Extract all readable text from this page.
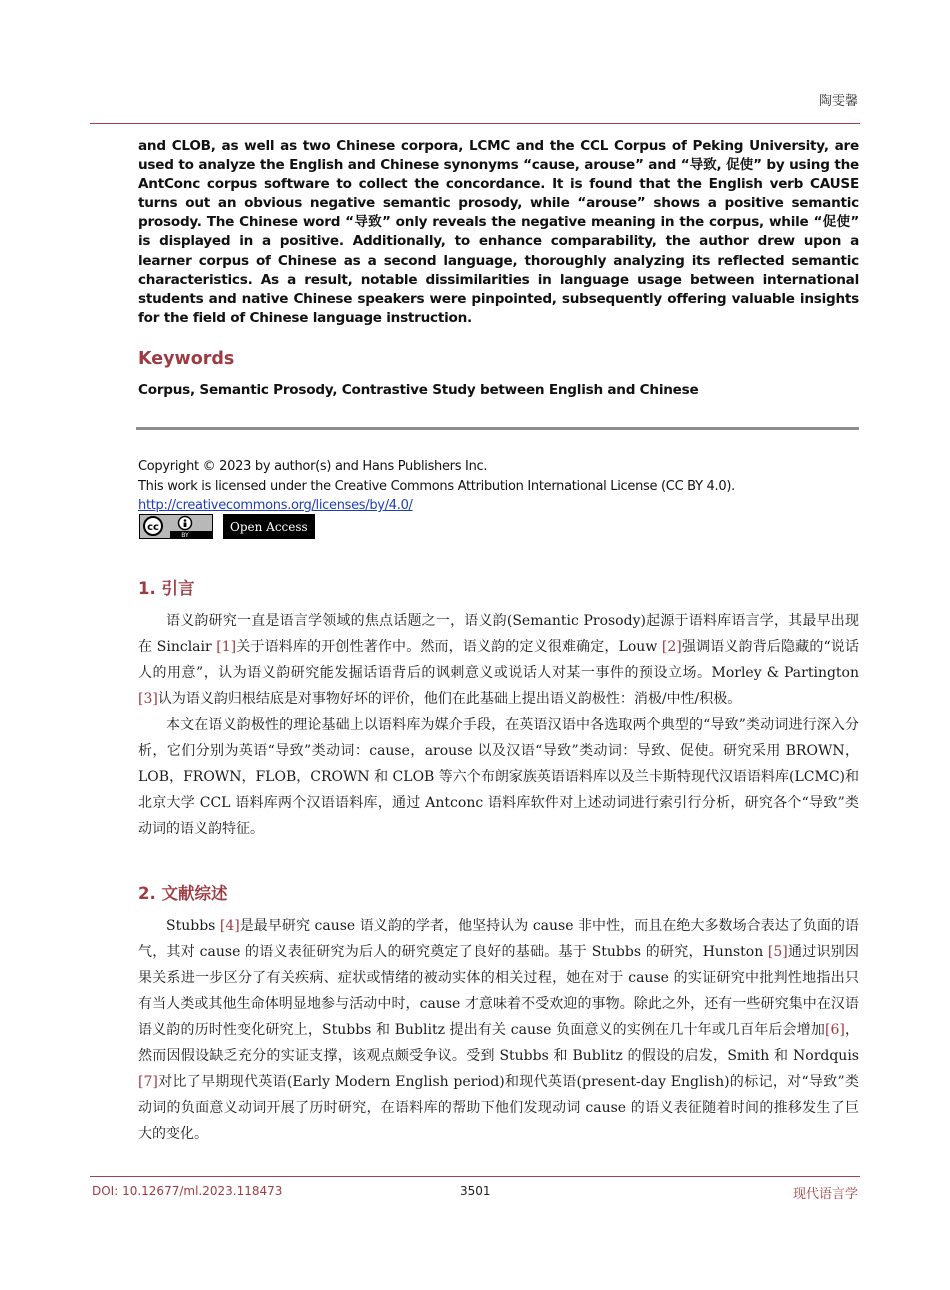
陶雯馨
and CLOB, as well as two Chinese corpora, LCMC and the CCL Corpus of Peking University, are used to analyze the English and Chinese synonyms “cause, arouse” and “导致, 促使” by using the AntConc corpus software to collect the concordance. It is found that the English verb CAUSE turns out an obvious negative semantic prosody, while “arouse” shows a positive semantic prosody. The Chinese word “导致” only reveals the negative meaning in the corpus, while “促使” is displayed in a positive. Additionally, to enhance comparability, the author drew upon a learner corpus of Chinese as a second language, thoroughly analyzing its reflected semantic characteristics. As a result, notable dissimilarities in language usage between international students and native Chinese speakers were pinpointed, subsequently offering valuable insights for the field of Chinese language instruction.
Keywords
Corpus, Semantic Prosody, Contrastive Study between English and Chinese
Copyright © 2023 by author(s) and Hans Publishers Inc.
This work is licensed under the Creative Commons Attribution International License (CC BY 4.0).
http://creativecommons.org/licenses/by/4.0/
cc
BY
Open Access
1. 引言

语义韵研究一直是语言学领域的焦点话题之一，语义韵(Semantic Prosody)起源于语料库语言学，其最早出现在 Sinclair [1]关于语料库的开创性著作中。然而，语义韵的定义很难确定，Louw [2]强调语义韵背后隐藏的“说话人的用意”，认为语义韵研究能发掘话语背后的讽刺意义或说话人对某一事件的预设立场。Morley & Partington [3]认为语义韵归根结底是对事物好坏的评价，他们在此基础上提出语义韵极性：消极/中性/积极。

本文在语义韵极性的理论基础上以语料库为媒介手段，在英语汉语中各选取两个典型的“导致”类动词进行深入分析，它们分别为英语“导致”类动词：cause，arouse 以及汉语“导致”类动词：导致、促使。研究采用 BROWN，LOB，FROWN，FLOB，CROWN 和 CLOB 等六个布朗家族英语语料库以及兰卡斯特现代汉语语料库(LCMC)和北京大学 CCL 语料库两个汉语语料库，通过 Antconc 语料库软件对上述动词进行索引行分析，研究各个“导致”类动词的语义韵特征。

2. 文献综述

Stubbs [4]是最早研究 cause 语义韵的学者，他坚持认为 cause 非中性，而且在绝大多数场合表达了负面的语气，其对 cause 的语义表征研究为后人的研究奠定了良好的基础。基于 Stubbs 的研究，Hunston [5]通过识别因果关系进一步区分了有关疾病、症状或情绪的被动实体的相关过程，她在对于 cause 的实证研究中批判性地指出只有当人类或其他生命体明显地参与活动中时，cause 才意味着不受欢迎的事物。除此之外，还有一些研究集中在汉语语义韵的历时性变化研究上，Stubbs 和 Bublitz 提出有关 cause 负面意义的实例在几十年或几百年后会增加[6]，然而因假设缺乏充分的实证支撑，该观点颇受争议。受到 Stubbs 和 Bublitz 的假设的启发，Smith 和 Nordquis [7]对比了早期现代英语(Early Modern English period)和现代英语(present-day English)的标记，对“导致”类动词的负面意义动词开展了历时研究，在语料库的帮助下他们发现动词 cause 的语义表征随着时间的推移发生了巨大的变化。

DOI: 10.12677/ml.2023.118473	3501	现代语言学
